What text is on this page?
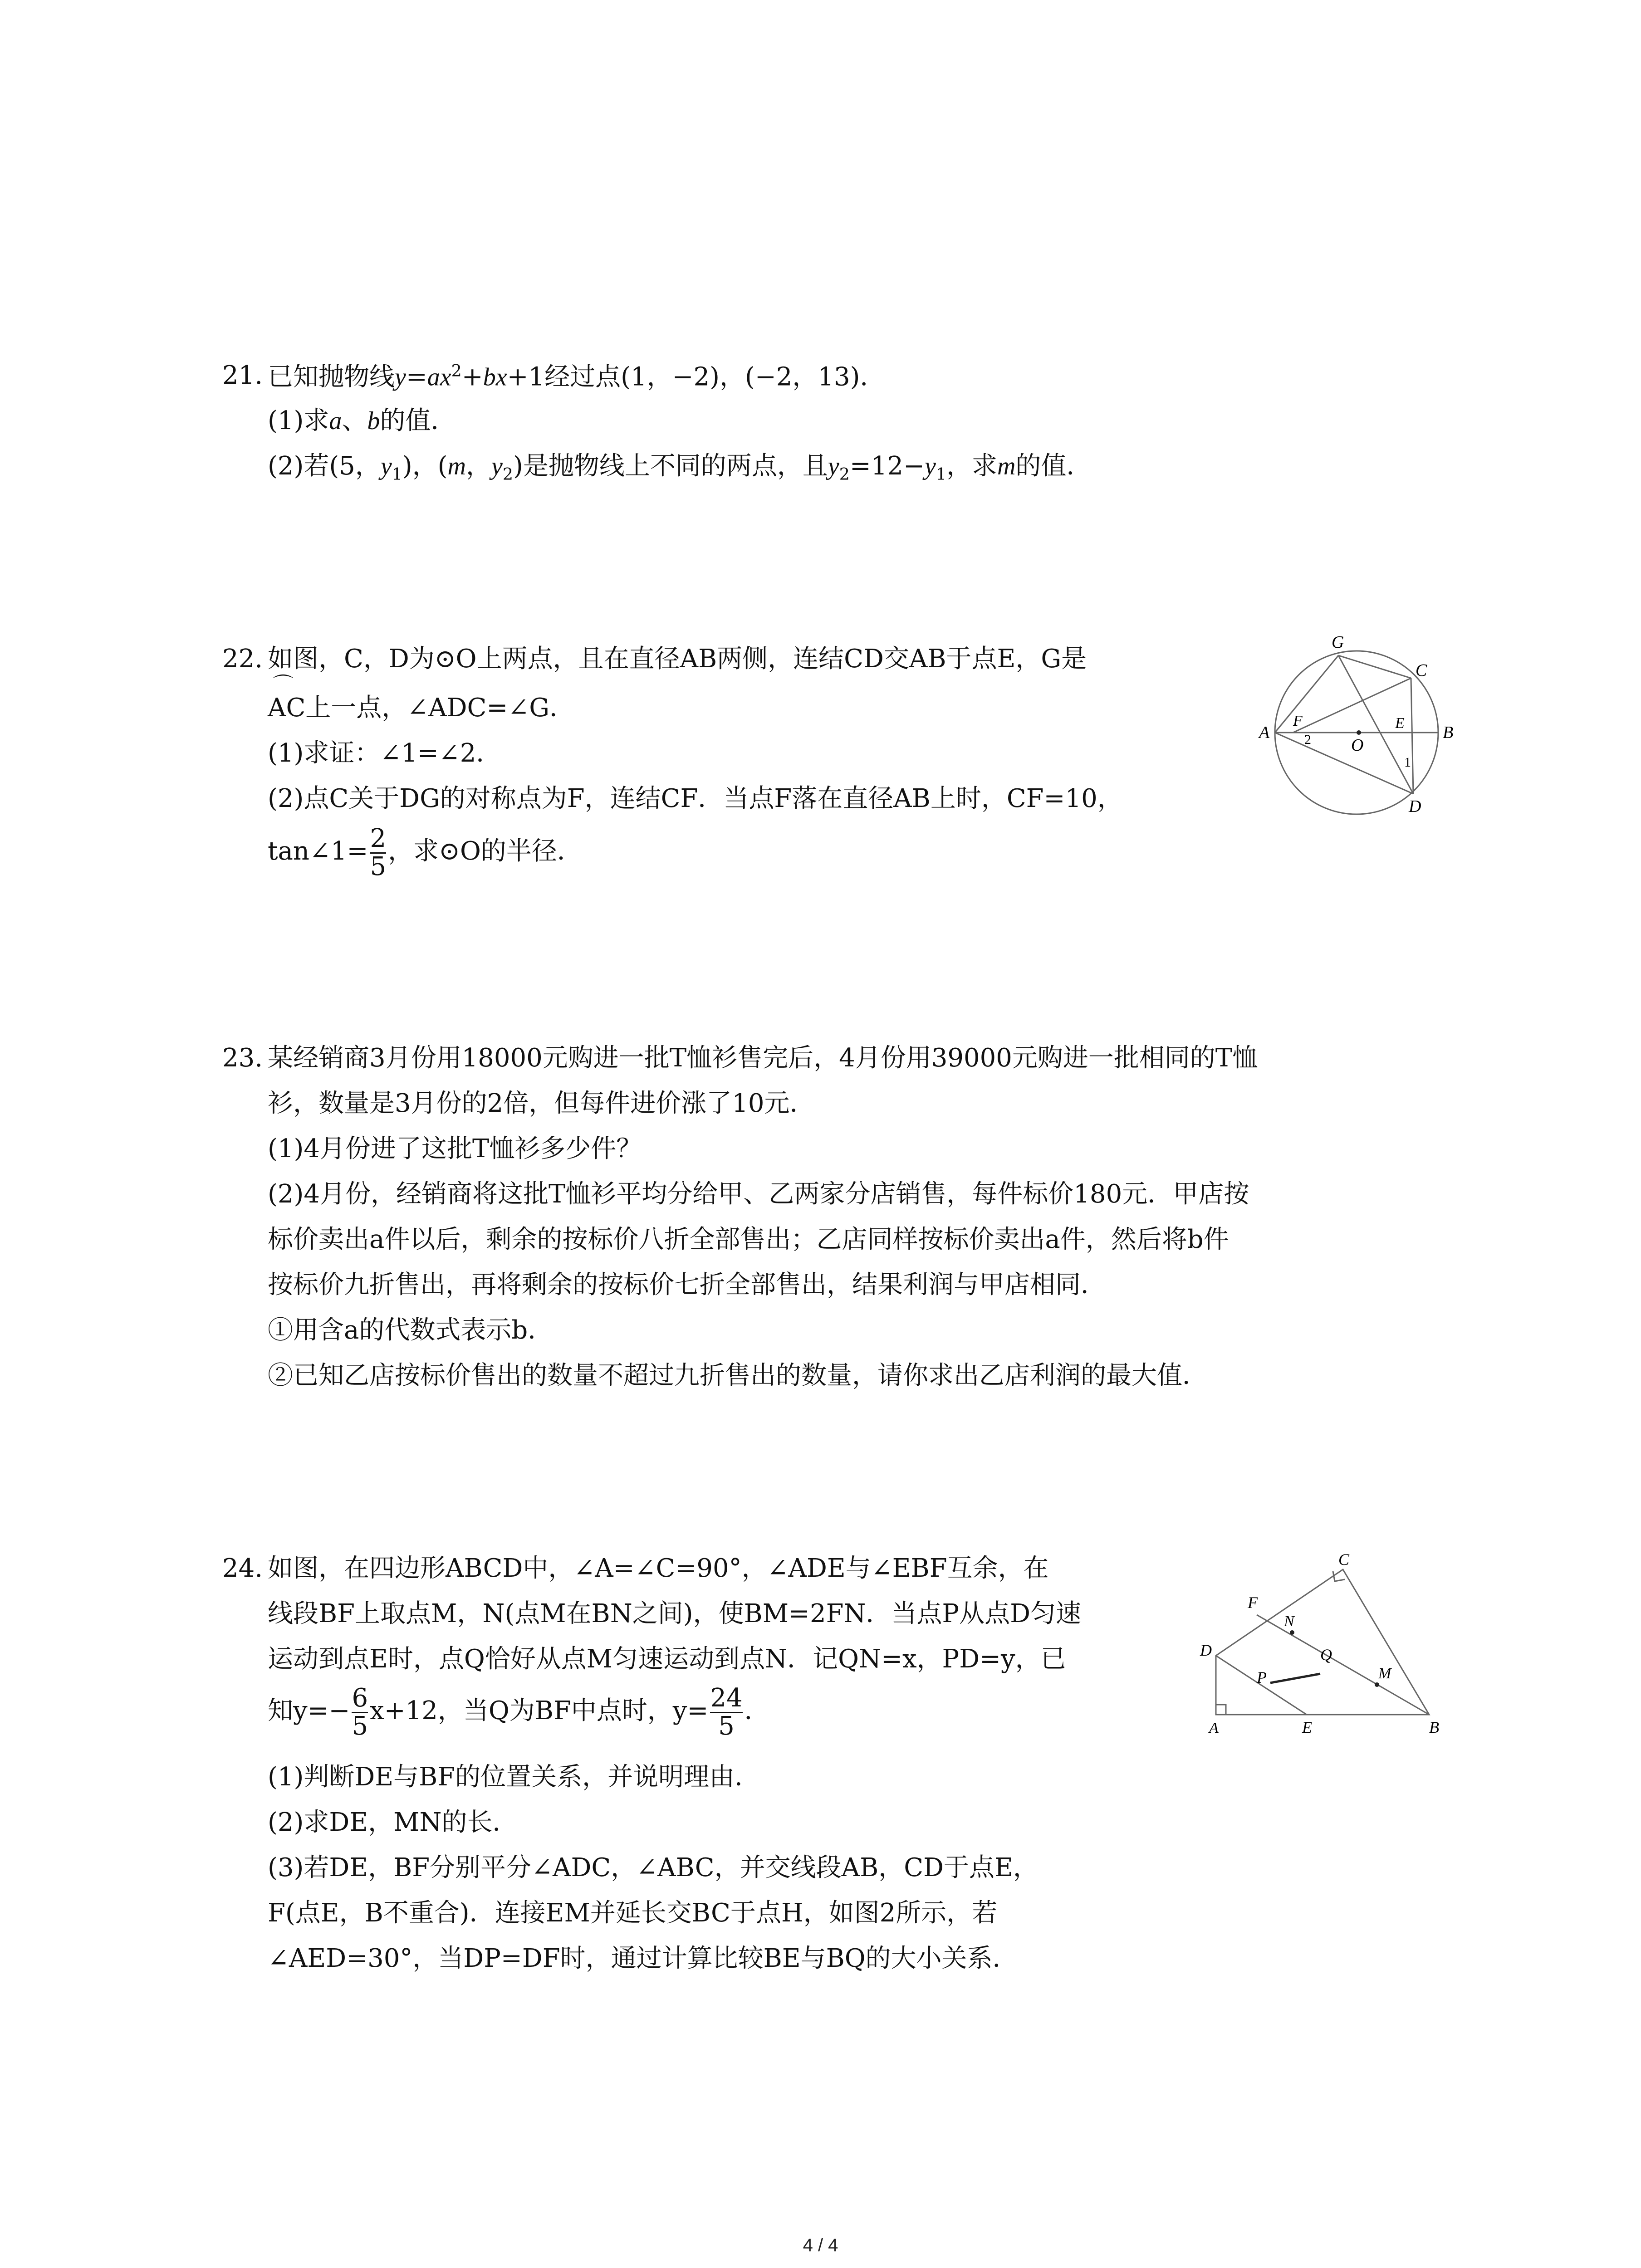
21. 已知抛物线$y=ax^2+bx+1$经过点(1，−2)，(−2，13)．
(1)求a、b的值．
(2)若(5，$y_1$)，(m，$y_2$)是抛物线上不同的两点，且$y_2=12-y_1$，求m的值．
22. 如图，C，D为⊙O上两点，且在直径AB两侧，连结CD交AB于点E，G是
⌒
AC上一点，∠ADC=∠G．
(1)求证：∠1=∠2．
(2)点C关于DG的对称点为F，连结CF．当点F落在直径AB上时，CF=10，
tan∠1= $\frac{2}{5}$ ，求⊙O的半径．
G
C
A
F
2 O
E B
1
D
23. 某经销商3月份用18000元购进一批T恤衫售完后，4月份用39000元购进一批相同的T恤
衫，数量是3月份的2倍，但每件进价涨了10元．
(1)4月份进了这批T恤衫多少件？
(2)4月份，经销商将这批T恤衫平均分给甲、乙两家分店销售，每件标价180元．甲店按
标价卖出a件以后，剩余的按标价八折全部售出；乙店同样按标价卖出a件，然后将b件
按标价九折售出，再将剩余的按标价七折全部售出，结果利润与甲店相同．
①用含a的代数式表示b．
②已知乙店按标价售出的数量不超过九折售出的数量，请你求出乙店利润的最大值．
24. 如图，在四边形ABCD中，∠A=∠C=90°，∠ADE与∠EBF互余，在
线段BF上取点M，N(点M在BN之间)，使BM=2FN．当点P从点D匀速
运动到点E时，点Q恰好从点M匀速运动到点N．记QN=x，PD=y，已
知$y=- \frac{6}{5} x+12$，当Q为BF中点时，$y= \frac{24}{5}$ ．
(1)判断DE与BF的位置关系，并说明理由．
(2)求DE，MN的长．
(3)若DE，BF分别平分∠ADC，∠ABC，并交线段AB，CD于点E，
F(点E，B不重合)．连接EM并延长交BC于点H，如图2所示，若
∠AED=30°，当DP=DF时，通过计算比较BE与BQ的大小关系．
C
F
N
D	Q
M
P
A	E	B
4 / 4
